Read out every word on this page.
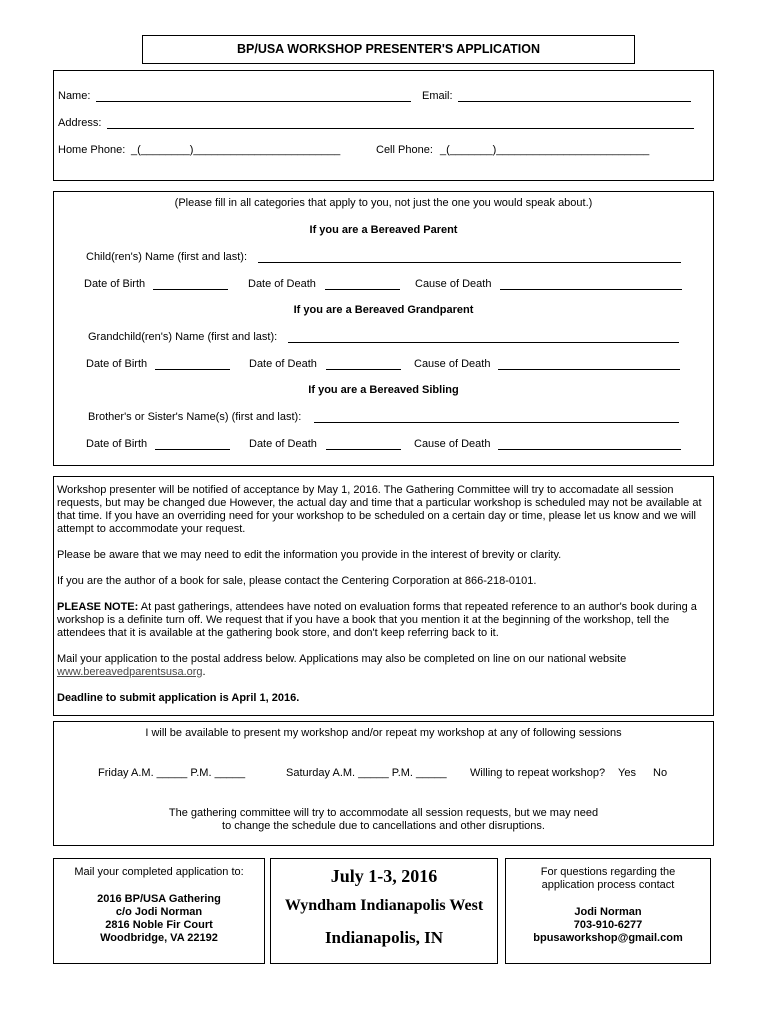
BP/USA WORKSHOP PRESENTER'S APPLICATION
Name:	Email:
Address:
Home Phone: _(________)________________________	Cell Phone: _(_______)_________________________
(Please fill in all categories that apply to you, not just the one you would speak about.)
If you are a Bereaved Parent
Child(ren's) Name (first and last):
Date of Birth	Date of Death	Cause of Death
If you are a Bereaved Grandparent
Grandchild(ren's) Name (first and last):
Date of Birth	Date of Death	Cause of Death
If you are a Bereaved Sibling
Brother's or Sister's Name(s) (first and last):
Date of Birth	Date of Death	Cause of Death

Workshop presenter will be notified of acceptance by May 1, 2016. The Gathering Committee will try to accomadate all session requests, but may be changed due However, the actual day and time that a particular workshop is scheduled may not be available at that time. If you have an overriding need for your workshop to be scheduled on a certain day or time, please let us know and we will attempt to accommodate your request.

Please be aware that we may need to edit the information you provide in the interest of brevity or clarity.

If you are the author of a book for sale, please contact the Centering Corporation at 866-218-0101.

PLEASE NOTE: At past gatherings, attendees have noted on evaluation forms that repeated reference to an author's book during a workshop is a definite turn off. We request that if you have a book that you mention it at the beginning of the workshop, tell the attendees that it is available at the gathering book store, and don't keep referring back to it.

Mail your application to the postal address below. Applications may also be completed on line on our national website
www.bereavedparentsusa.org.

Deadline to submit application is April 1, 2016.

I will be available to present my workshop and/or repeat my workshop at any of following sessions
Friday A.M. _____ P.M. _____	Saturday A.M. _____ P.M. _____ Willing to repeat workshop? Yes No
The gathering committee will try to accommodate all session requests, but we may need
to change the schedule due to cancellations and other disruptions.
Mail your completed application to:
2016 BP/USA Gathering
c/o Jodi Norman
2816 Noble Fir Court
Woodbridge, VA 22192
July 1-3, 2016
Wyndham Indianapolis West
Indianapolis, IN
For questions regarding the
application process contact
Jodi Norman
703-910-6277
bpusaworkshop@gmail.com
